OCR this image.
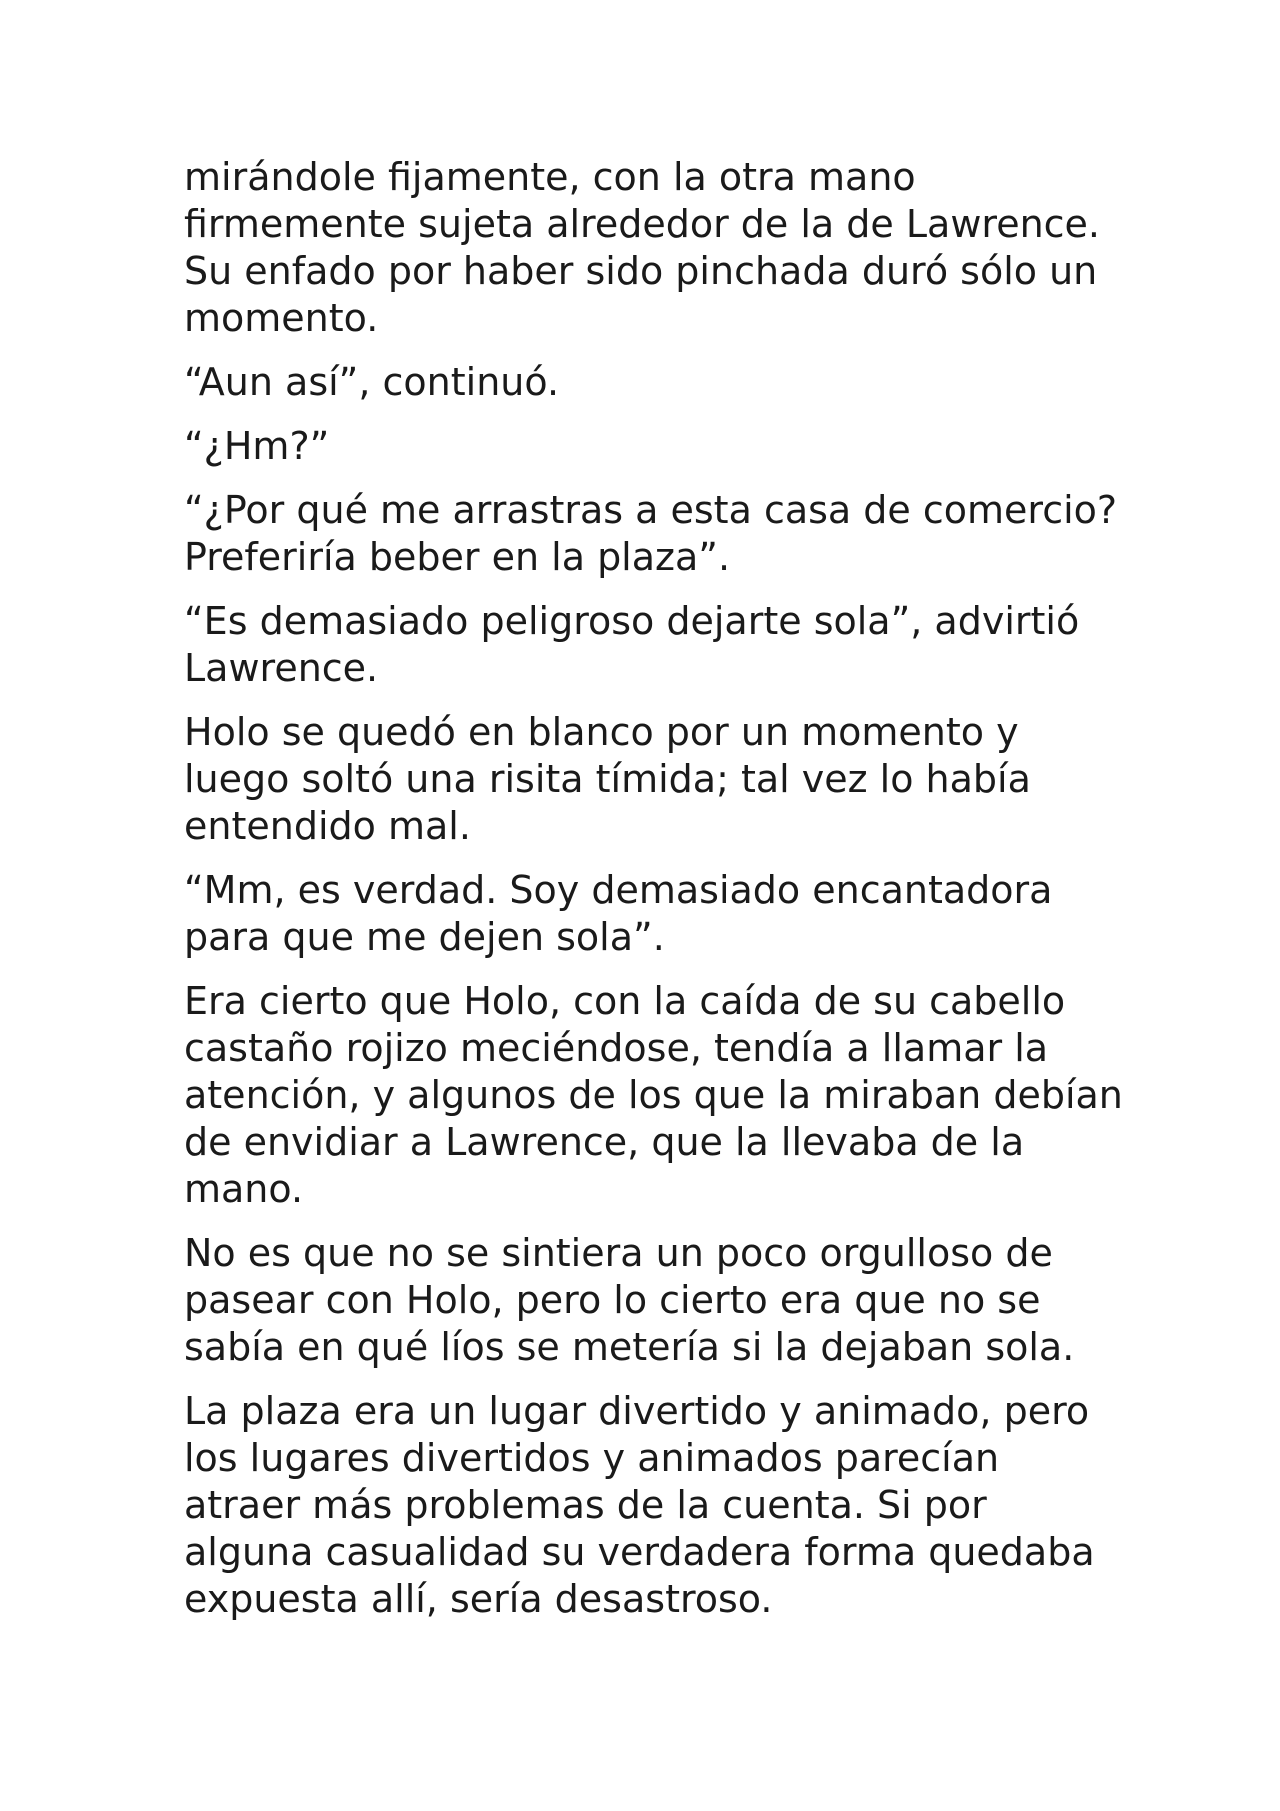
mirándole fijamente, con la otra mano firmemente sujeta alrededor de la de Lawrence. Su enfado por haber sido pinchada duró sólo un momento.

“Aun así”, continuó.

“¿Hm?”

“¿Por qué me arrastras a esta casa de comercio? Preferiría beber en la plaza”.

“Es demasiado peligroso dejarte sola”, advirtió Lawrence.

Holo se quedó en blanco por un momento y luego soltó una risita tímida; tal vez lo había entendido mal.

“Mm, es verdad. Soy demasiado encantadora para que me dejen sola”.

Era cierto que Holo, con la caída de su cabello castaño rojizo meciéndose, tendía a llamar la atención, y algunos de los que la miraban debían de envidiar a Lawrence, que la llevaba de la mano.

No es que no se sintiera un poco orgulloso de pasear con Holo, pero lo cierto era que no se sabía en qué líos se metería si la dejaban sola.

La plaza era un lugar divertido y animado, pero los lugares divertidos y animados parecían atraer más problemas de la cuenta. Si por alguna casualidad su verdadera forma quedaba expuesta allí, sería desastroso.
